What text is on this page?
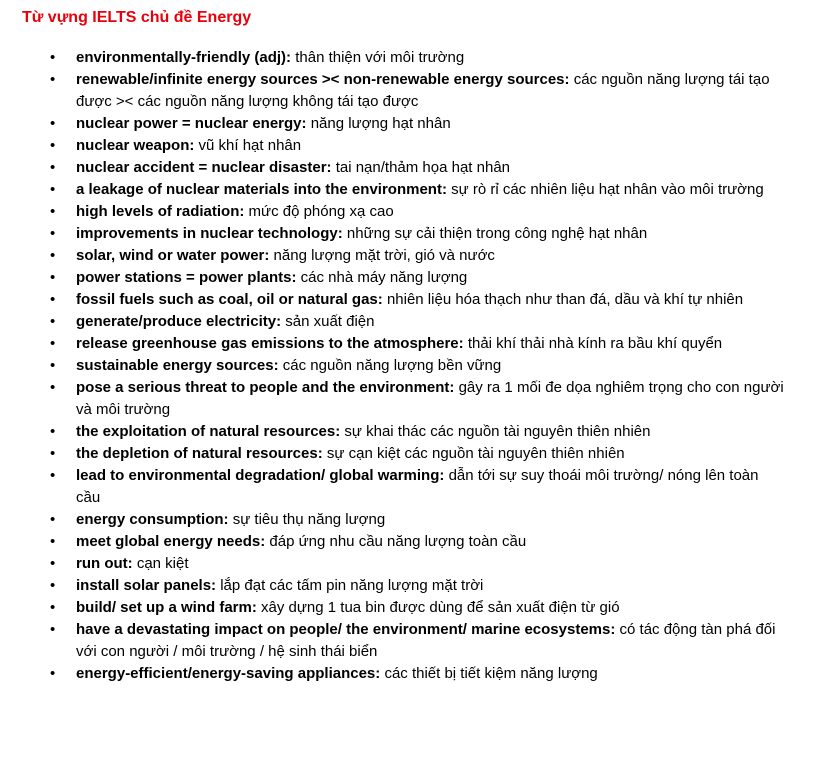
Từ vựng IELTS chủ đề Energy
• environmentally-friendly (adj): thân thiện với môi trường
• renewable/infinite energy sources >< non-renewable energy sources: các nguồn năng lượng tái tạo được >< các nguồn năng lượng không tái tạo được
• nuclear power = nuclear energy: năng lượng hạt nhân
• nuclear weapon: vũ khí hạt nhân
• nuclear accident = nuclear disaster: tai nạn/thảm họa hạt nhân
• a leakage of nuclear materials into the environment: sự rò rỉ các nhiên liệu hạt nhân vào môi trường
• high levels of radiation: mức độ phóng xạ cao
• improvements in nuclear technology: những sự cải thiện trong công nghệ hạt nhân
• solar, wind or water power: năng lượng mặt trời, gió và nước
• power stations = power plants: các nhà máy năng lượng
• fossil fuels such as coal, oil or natural gas: nhiên liệu hóa thạch như than đá, dầu và khí tự nhiên
• generate/produce electricity: sản xuất điện
• release greenhouse gas emissions to the atmosphere: thải khí thải nhà kính ra bầu khí quyển
• sustainable energy sources: các nguồn năng lượng bền vững
• pose a serious threat to people and the environment: gây ra 1 mối đe dọa nghiêm trọng cho con người và môi trường
• the exploitation of natural resources: sự khai thác các nguồn tài nguyên thiên nhiên
• the depletion of natural resources: sự cạn kiệt các nguồn tài nguyên thiên nhiên
• lead to environmental degradation/ global warming: dẫn tới sự suy thoái môi trường/ nóng lên toàn cầu
• energy consumption: sự tiêu thụ năng lượng
• meet global energy needs: đáp ứng nhu cầu năng lượng toàn cầu
• run out: cạn kiệt
• install solar panels: lắp đạt các tấm pin năng lượng mặt trời
• build/ set up a wind farm: xây dựng 1 tua bin được dùng để sản xuất điện từ gió
• have a devastating impact on people/ the environment/ marine ecosystems: có tác động tàn phá đối với con người / môi trường / hệ sinh thái biển
• energy-efficient/energy-saving appliances: các thiết bị tiết kiệm năng lượng
